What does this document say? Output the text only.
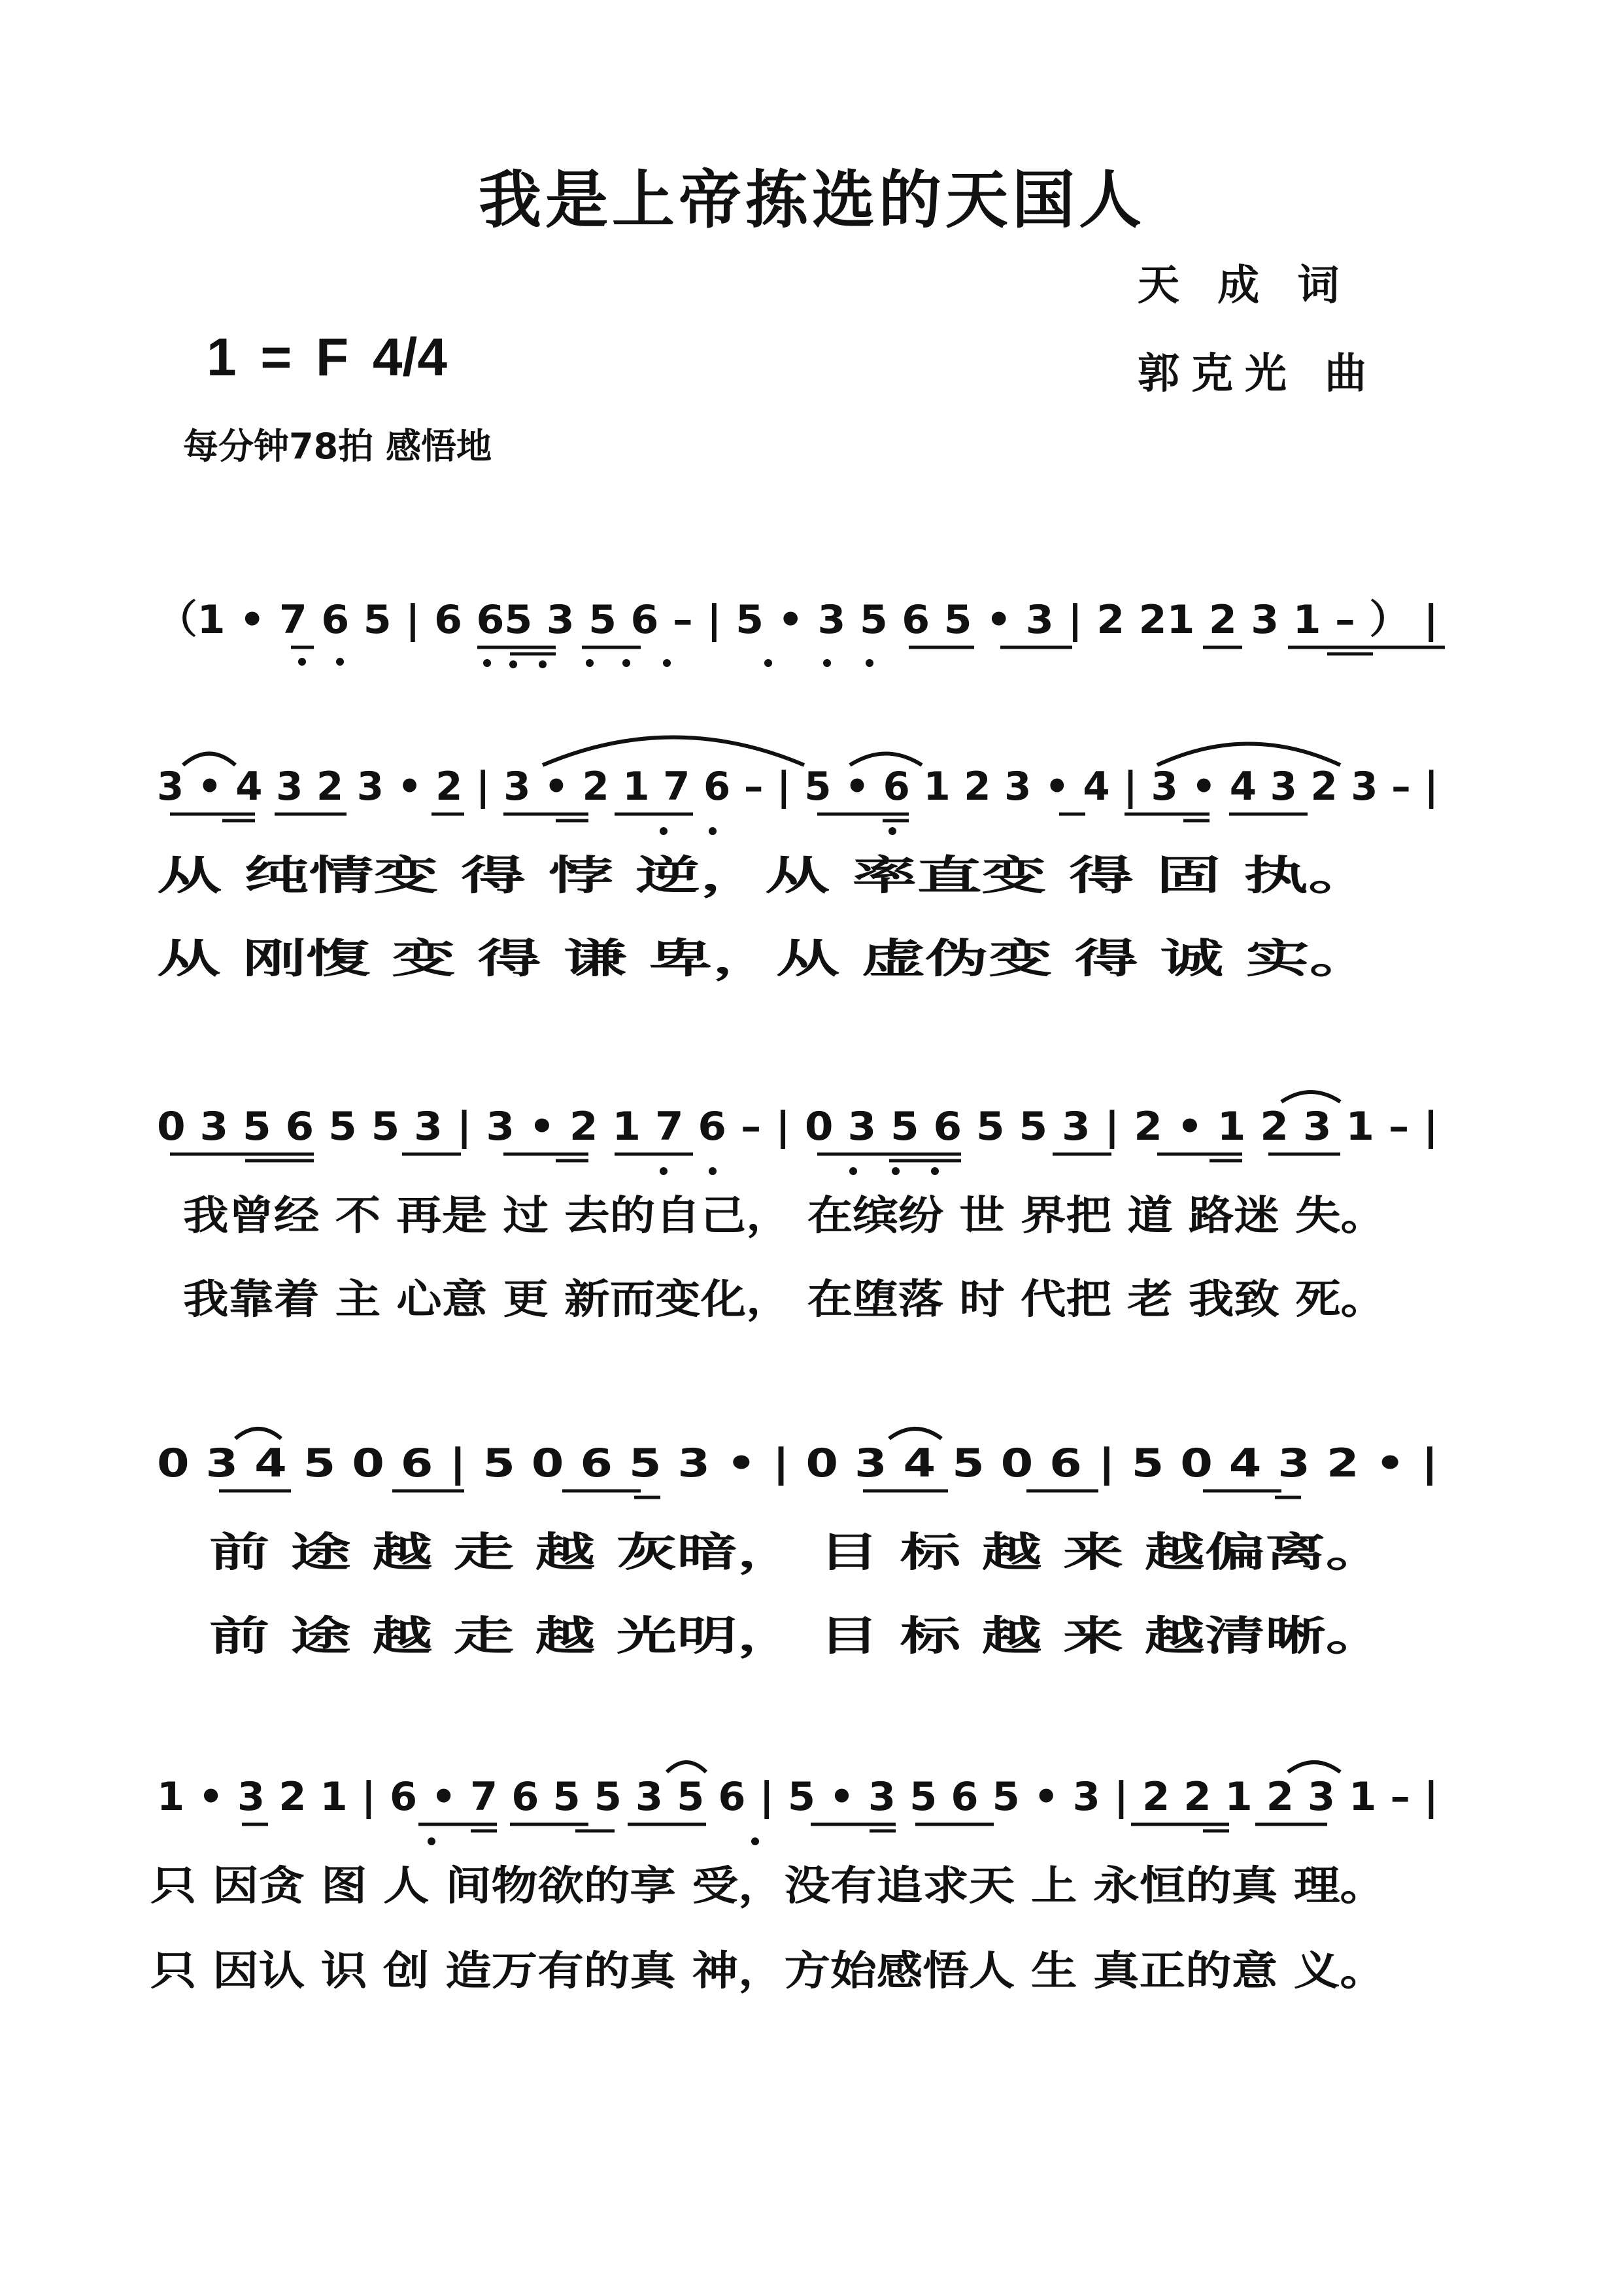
我是上帝拣选的天国人
天 成 词
郭克光 曲
1 = F 4/4
每分钟78拍 感悟地
（1 • 7 6 5 | 6 65 3 5 6 – | 5 • 3 5 6 5 • 3 | 2 21 2 3 1 – ） |
3 • 4 3 2 3 • 2 | 3 • 2 1 7 6 – | 5 • 6 1 2 3 • 4 | 3 • 4 3 2 3 – |
从 纯情变 得 悖 逆，从 率直变 得 固 执。
从 刚愎 变 得 谦 卑，从 虚伪变 得 诚 实。
0 3 5 6 5 5 3 | 3 • 2 1 7 6 – | 0 3 5 6 5 5 3 | 2 • 1 2 3 1 – |
我曾经 不 再是 过 去的自己， 在缤纷 世 界把 道 路迷 失。
我靠着 主 心意 更 新而变化， 在堕落 时 代把 老 我致 死。
0 3 4 5 0 6 | 5 0 6 5 3 • | 0 3 4 5 0 6 | 5 0 4 3 2 • |
前 途 越 走 越 灰暗， 目 标 越 来 越偏离。
前 途 越 走 越 光明， 目 标 越 来 越清晰。
1 • 3 2 1 | 6 • 7 6 5 5 3 5 6 | 5 • 3 5 6 5 • 3 | 2 2 1 2 3 1 – |
只 因贪 图 人 间物欲的享 受，没有追求天 上 永恒的真 理。
只 因认 识 创 造万有的真 神，方始感悟人 生 真正的意 义。
